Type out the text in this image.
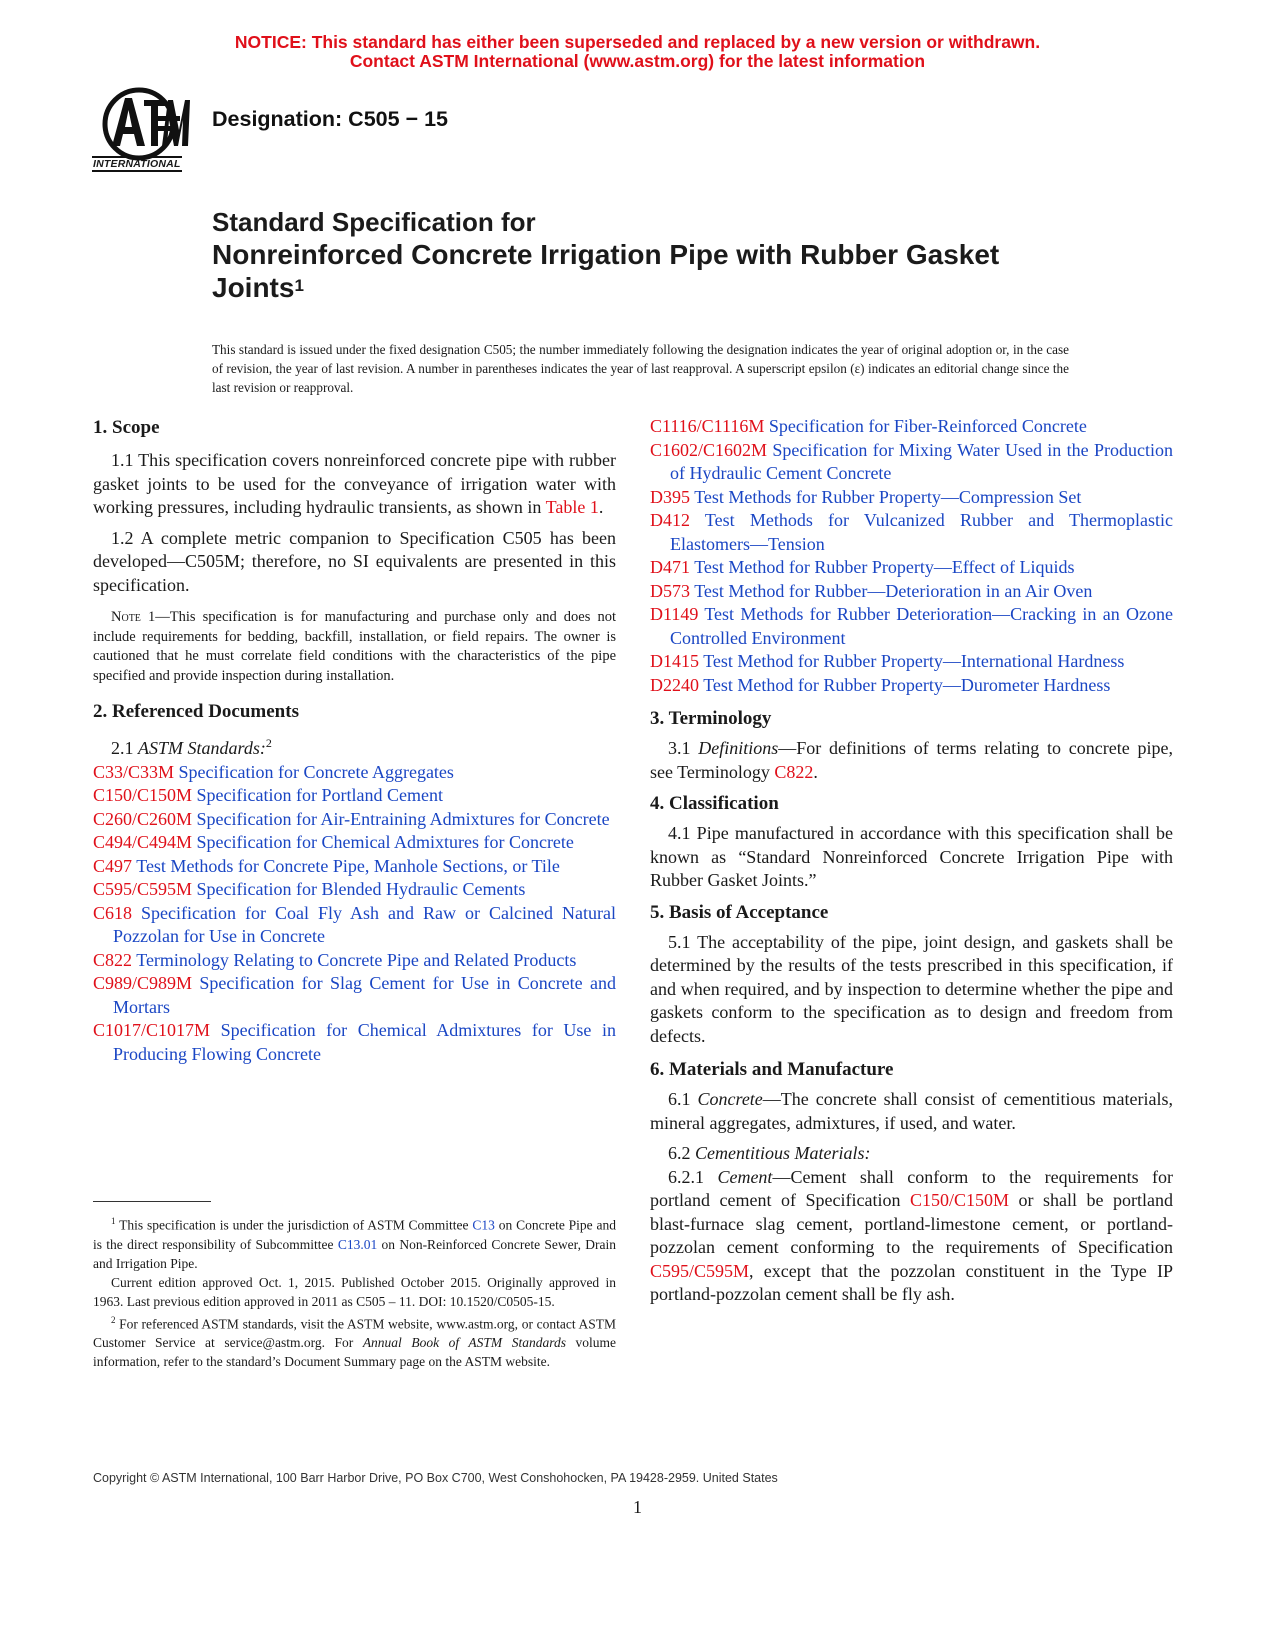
NOTICE: This standard has either been superseded and replaced by a new version or withdrawn.
Contact ASTM International (www.astm.org) for the latest information
INTERNATIONAL
Designation: C505 − 15
Standard Specification for
Nonreinforced Concrete Irrigation Pipe with Rubber Gasket
Joints$^1$
This standard is issued under the fixed designation C505; the number immediately following the designation indicates the year of original adoption or, in the case of revision, the year of last revision. A number in parentheses indicates the year of last reapproval. A superscript epsilon (ε) indicates an editorial change since the last revision or reapproval.

1. Scope

1.1 This specification covers nonreinforced concrete pipe with rubber gasket joints to be used for the conveyance of irrigation water with working pressures, including hydraulic transients, as shown in Table 1.

1.2 A complete metric companion to Specification C505 has been developed—C505M; therefore, no SI equivalents are presented in this specification.

Note 1—This specification is for manufacturing and purchase only and does not include requirements for bedding, backfill, installation, or field repairs. The owner is cautioned that he must correlate field conditions with the characteristics of the pipe specified and provide inspection during installation.

2. Referenced Documents

2.1 ASTM Standards:$^2$

C33/C33M Specification for Concrete Aggregates

C150/C150M Specification for Portland Cement

C260/C260M Specification for Air-Entraining Admixtures for Concrete

C494/C494M Specification for Chemical Admixtures for Concrete

C497 Test Methods for Concrete Pipe, Manhole Sections, or Tile

C595/C595M Specification for Blended Hydraulic Cements

C618 Specification for Coal Fly Ash and Raw or Calcined Natural Pozzolan for Use in Concrete

C822 Terminology Relating to Concrete Pipe and Related Products

C989/C989M Specification for Slag Cement for Use in Concrete and Mortars

C1017/C1017M Specification for Chemical Admixtures for Use in Producing Flowing Concrete

C1116/C1116M Specification for Fiber-Reinforced Concrete

C1602/C1602M Specification for Mixing Water Used in the Production of Hydraulic Cement Concrete

D395 Test Methods for Rubber Property—Compression Set

D412 Test Methods for Vulcanized Rubber and Thermoplastic Elastomers—Tension

D471 Test Method for Rubber Property—Effect of Liquids

D573 Test Method for Rubber—Deterioration in an Air Oven

D1149 Test Methods for Rubber Deterioration—Cracking in an Ozone Controlled Environment

D1415 Test Method for Rubber Property—International Hardness

D2240 Test Method for Rubber Property—Durometer Hardness

3. Terminology

3.1 Definitions—For definitions of terms relating to concrete pipe, see Terminology C822.

4. Classification

4.1 Pipe manufactured in accordance with this specification shall be known as “Standard Nonreinforced Concrete Irrigation Pipe with Rubber Gasket Joints.”

5. Basis of Acceptance

5.1 The acceptability of the pipe, joint design, and gaskets shall be determined by the results of the tests prescribed in this specification, if and when required, and by inspection to determine whether the pipe and gaskets conform to the specification as to design and freedom from defects.

6. Materials and Manufacture

6.1 Concrete—The concrete shall consist of cementitious materials, mineral aggregates, admixtures, if used, and water.

6.2 Cementitious Materials:

6.2.1 Cement—Cement shall conform to the requirements for portland cement of Specification C150/C150M or shall be portland blast-furnace slag cement, portland-limestone cement, or portland-pozzolan cement conforming to the requirements of Specification C595/C595M, except that the pozzolan constituent in the Type IP portland-pozzolan cement shall be fly ash.

$^1$ This specification is under the jurisdiction of ASTM Committee C13 on Concrete Pipe and is the direct responsibility of Subcommittee C13.01 on Non-Reinforced Concrete Sewer, Drain and Irrigation Pipe.

Current edition approved Oct. 1, 2015. Published October 2015. Originally approved in 1963. Last previous edition approved in 2011 as C505 – 11. DOI: 10.1520/C0505-15.

$^2$ For referenced ASTM standards, visit the ASTM website, www.astm.org, or contact ASTM Customer Service at service@astm.org. For Annual Book of ASTM Standards volume information, refer to the standard’s Document Summary page on the ASTM website.

Copyright © ASTM International, 100 Barr Harbor Drive, PO Box C700, West Conshohocken, PA 19428-2959. United States
1
